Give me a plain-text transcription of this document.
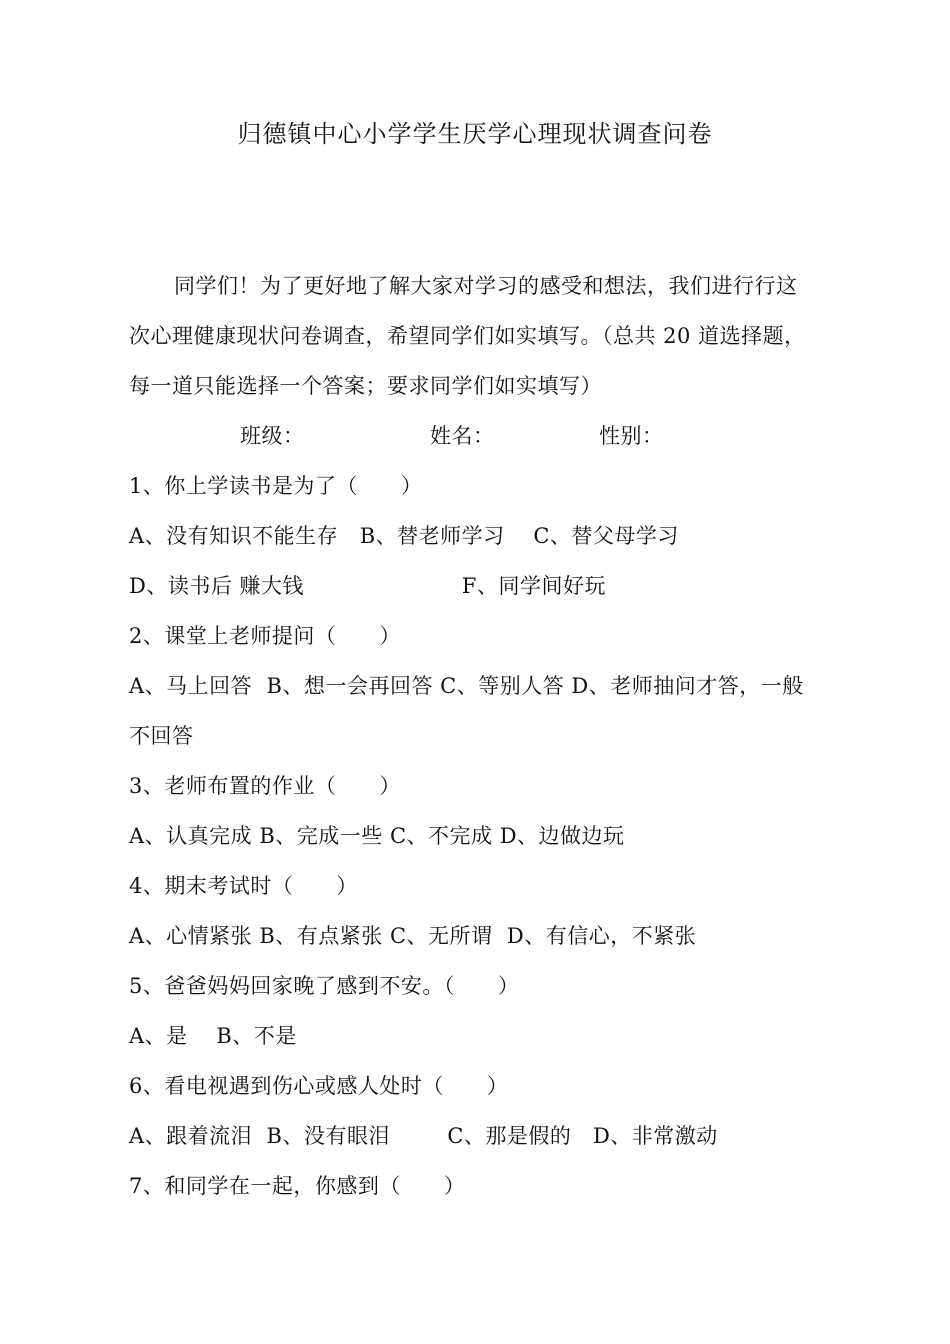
归德镇中心小学学生厌学心理现状调查问卷
同学们！为了更好地了解大家对学习的感受和想法，我们进行行这
次心理健康现状问卷调查，希望同学们如实填写。（总共 20 道选择题，
每一道只能选择一个答案；要求同学们如实填写）
班级：	姓名：	性别：
1、你上学读书是为了（      ）
A、没有知识不能生存   B、替老师学习    C、替父母学习
D、读书后 赚大钱                      F、同学间好玩
2、课堂上老师提问（      ）
A、马上回答  B、想一会再回答 C、等别人答 D、老师抽问才答，一般
不回答
3、老师布置的作业（      ）
A、认真完成 B、完成一些 C、不完成 D、边做边玩
4、期末考试时（      ）
A、心情紧张 B、有点紧张 C、无所谓  D、有信心，不紧张
5、爸爸妈妈回家晚了感到不安。（      ）
A、是    B、不是
6、看电视遇到伤心或感人处时（      ）
A、跟着流泪  B、没有眼泪        C、那是假的   D、非常激动
7、和同学在一起，你感到（      ）
